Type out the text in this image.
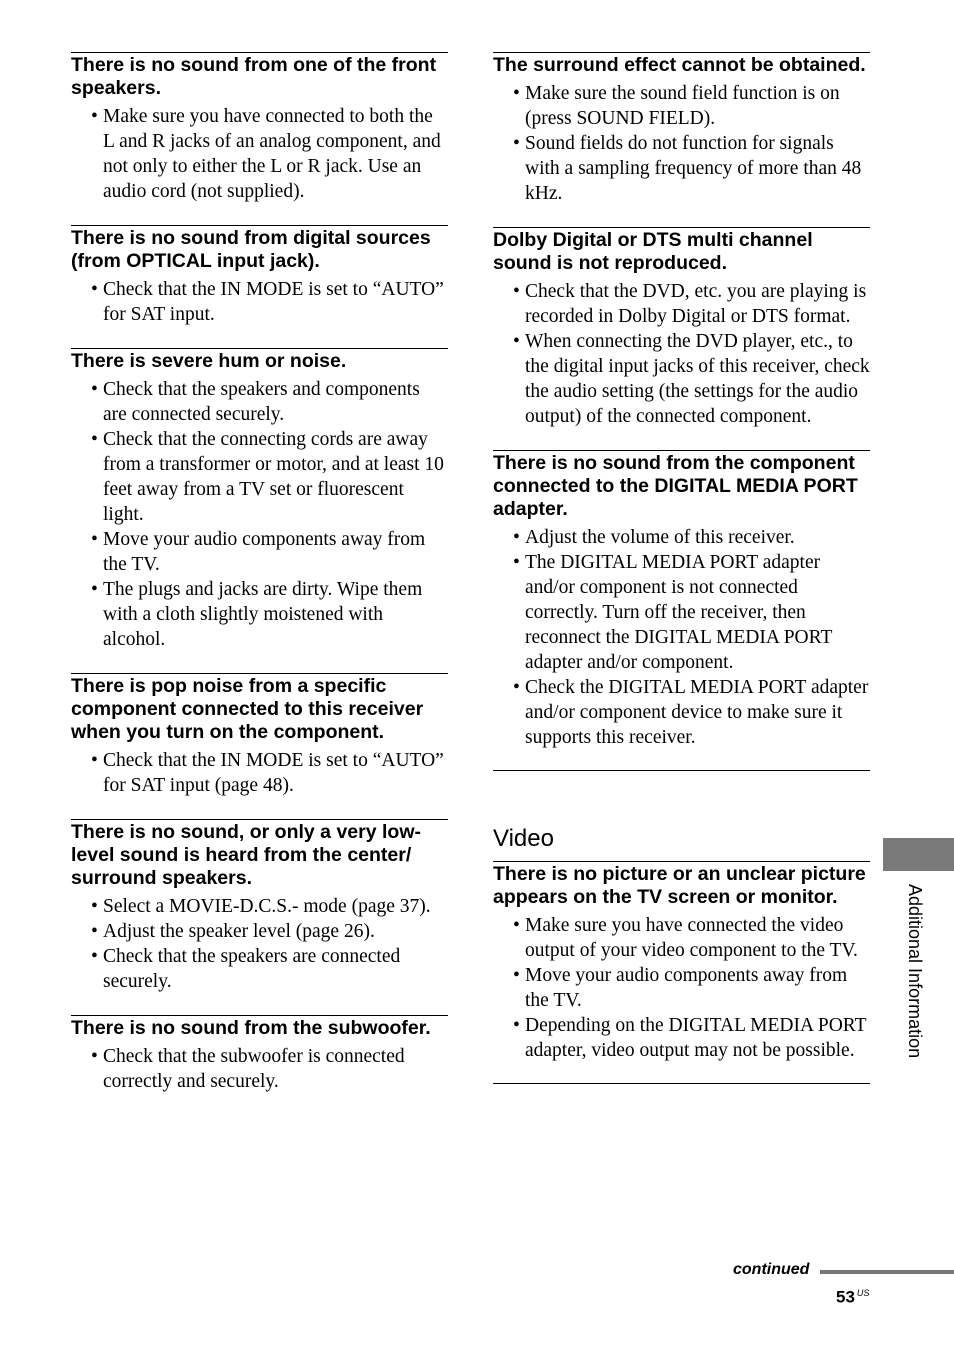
There is no sound from one of the front speakers.
• Make sure you have connected to both the L and R jacks of an analog component, and not only to either the L or R jack. Use an audio cord (not supplied).
There is no sound from digital sources (from OPTICAL input jack).
• Check that the IN MODE is set to “AUTO” for SAT input.
There is severe hum or noise.
• Check that the speakers and components are connected securely.
• Check that the connecting cords are away from a transformer or motor, and at least 10 feet away from a TV set or fluorescent light.
• Move your audio components away from the TV.
• The plugs and jacks are dirty. Wipe them with a cloth slightly moistened with alcohol.
There is pop noise from a specific component connected to this receiver when you turn on the component.
• Check that the IN MODE is set to “AUTO” for SAT input (page 48).
There is no sound, or only a very low-level sound is heard from the center/ surround speakers.
• Select a MOVIE-D.C.S.- mode (page 37).
• Adjust the speaker level (page 26).
• Check that the speakers are connected securely.
There is no sound from the subwoofer.
• Check that the subwoofer is connected correctly and securely.
The surround effect cannot be obtained.
• Make sure the sound field function is on (press SOUND FIELD).
• Sound fields do not function for signals with a sampling frequency of more than 48 kHz.
Dolby Digital or DTS multi channel sound is not reproduced.
• Check that the DVD, etc. you are playing is recorded in Dolby Digital or DTS format.
• When connecting the DVD player, etc., to the digital input jacks of this receiver, check the audio setting (the settings for the audio output) of the connected component.
There is no sound from the component connected to the DIGITAL MEDIA PORT adapter.
• Adjust the volume of this receiver.
• The DIGITAL MEDIA PORT adapter and/or component is not connected correctly. Turn off the receiver, then reconnect the DIGITAL MEDIA PORT adapter and/or component.
• Check the DIGITAL MEDIA PORT adapter and/or component device to make sure it supports this receiver.
Video
There is no picture or an unclear picture appears on the TV screen or monitor.
• Make sure you have connected the video output of your video component to the TV.
• Move your audio components away from the TV.
• Depending on the DIGITAL MEDIA PORT adapter, video output may not be possible.	Additional Information
continued
53 $^{US}$
